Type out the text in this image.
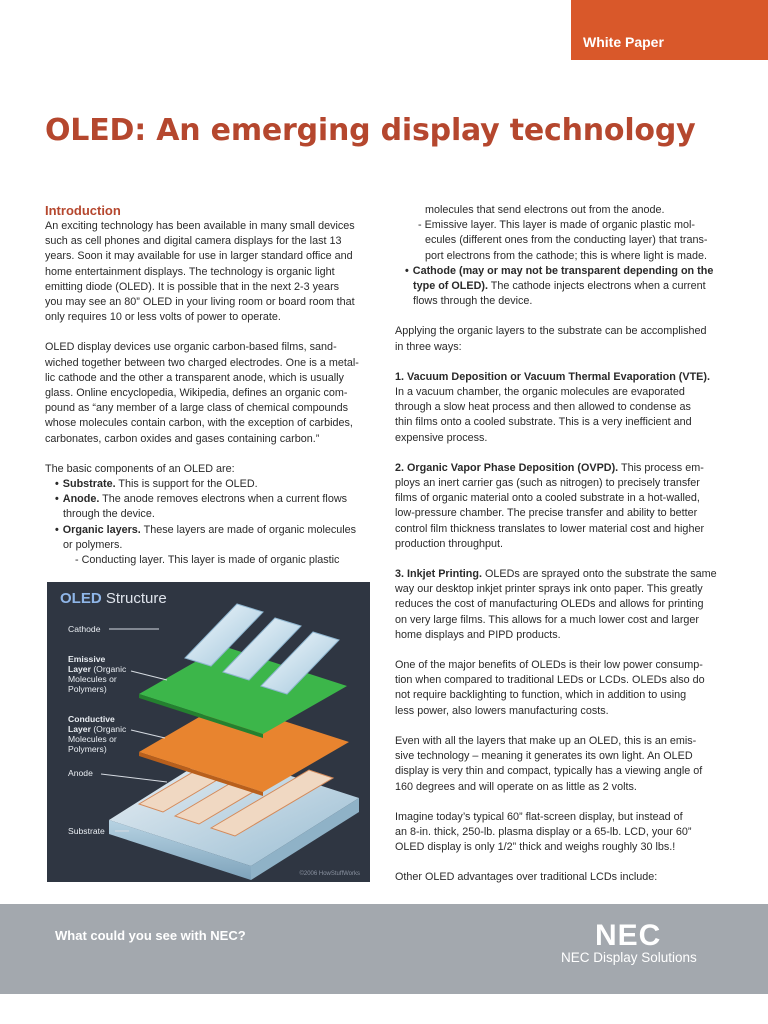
White Paper
OLED: An emerging display technology

Introduction

An exciting technology has been available in many small devices

such as cell phones and digital camera displays for the last 13

years. Soon it may available for use in larger standard office and

home entertainment displays. The technology is organic light

emitting diode (OLED). It is possible that in the next 2-3 years

you may see an 80” OLED in your living room or board room that

only requires 10 or less volts of power to operate.

OLED display devices use organic carbon-based films, sand-

wiched together between two charged electrodes. One is a metal-

lic cathode and the other a transparent anode, which is usually

glass. Online encyclopedia, Wikipedia, defines an organic com-

pound as “any member of a large class of chemical compounds

whose molecules contain carbon, with the exception of carbides,

carbonates, carbon oxides and gases containing carbon.”

The basic components of an OLED are:

• Substrate. This is support for the OLED.

• Anode. The anode removes electrons when a current flows

through the device.

• Organic layers. These layers are made of organic molecules

or polymers.

- Conducting layer. This layer is made of organic plastic

OLED Structure
Cathode
Emissive
Layer (Organic
Molecules or
Polymers)
Conductive
Layer (Organic
Molecules or
Polymers)
Anode
Substrate
©2006 HowStuffWorks

molecules that send electrons out from the anode.

- Emissive layer. This layer is made of organic plastic mol-

ecules (different ones from the conducting layer) that trans-

port electrons from the cathode; this is where light is made.

• Cathode (may or may not be transparent depending on the

type of OLED). The cathode injects electrons when a current

flows through the device.

Applying the organic layers to the substrate can be accomplished

in three ways:

1. Vacuum Deposition or Vacuum Thermal Evaporation (VTE).

In a vacuum chamber, the organic molecules are evaporated

through a slow heat process and then allowed to condense as

thin films onto a cooled substrate. This is a very inefficient and

expensive process.

2. Organic Vapor Phase Deposition (OVPD). This process em-

ploys an inert carrier gas (such as nitrogen) to precisely transfer

films of organic material onto a cooled substrate in a hot-walled,

low-pressure chamber. The precise transfer and ability to better

control film thickness translates to lower material cost and higher

production throughput.

3. Inkjet Printing. OLEDs are sprayed onto the substrate the same

way our desktop inkjet printer sprays ink onto paper. This greatly

reduces the cost of manufacturing OLEDs and allows for printing

on very large films. This allows for a much lower cost and larger

home displays and PIPD products.

One of the major benefits of OLEDs is their low power consump-

tion when compared to traditional LEDs or LCDs. OLEDs also do

not require backlighting to function, which in addition to using

less power, also lowers manufacturing costs.

Even with all the layers that make up an OLED, this is an emis-

sive technology – meaning it generates its own light. An OLED

display is very thin and compact, typically has a viewing angle of

160 degrees and will operate on as little as 2 volts.

Imagine today’s typical 60” flat-screen display, but instead of

an 8-in. thick, 250-lb. plasma display or a 65-lb. LCD, your 60”

OLED display is only 1/2” thick and weighs roughly 30 lbs.!

Other OLED advantages over traditional LCDs include:

What could you see with NEC?	NEC
NEC Display Solutions
